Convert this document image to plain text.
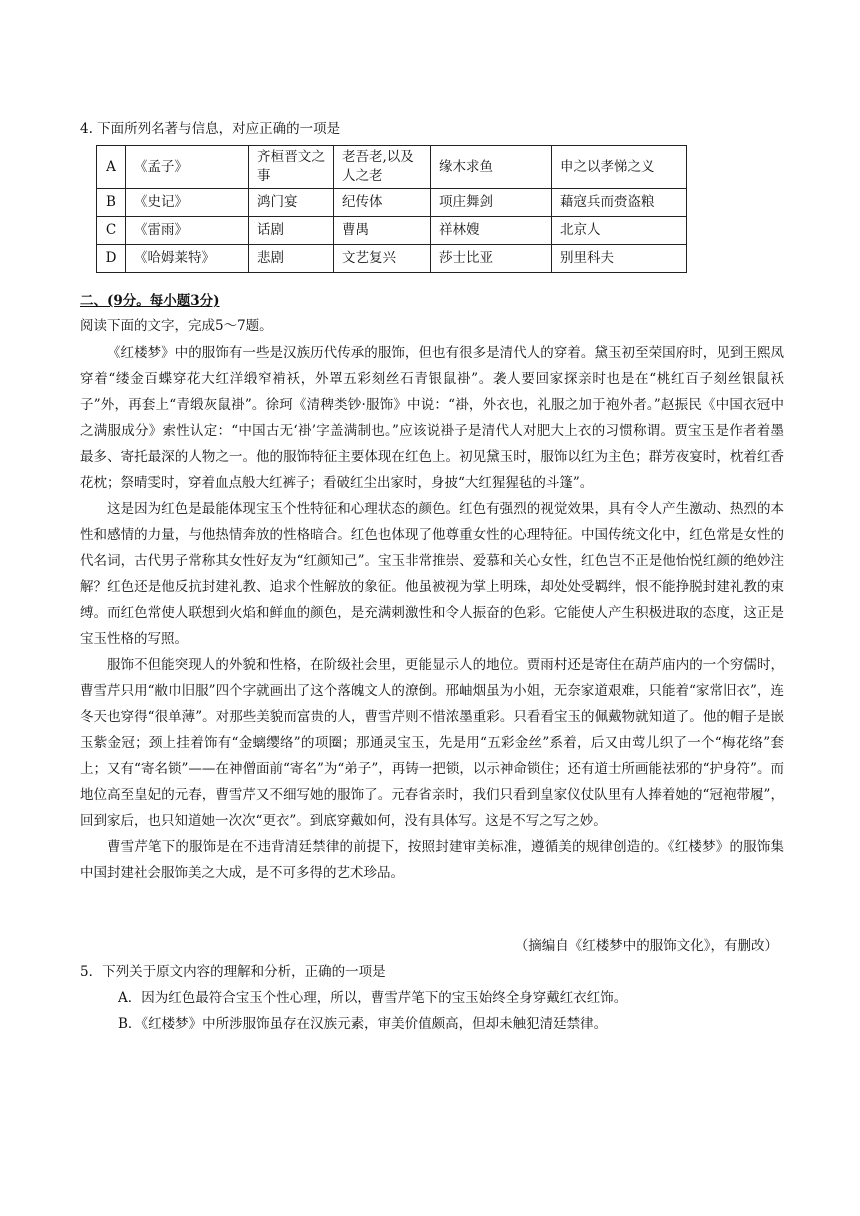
4. 下面所列名著与信息，对应正确的一项是
A	《孟子》	齐桓晋文之事	老吾老,以及人之老	缘木求鱼	申之以孝悌之义
B	《史记》	鸿门宴	纪传体	项庄舞剑	藉寇兵而赍盗粮
C	《雷雨》	话剧	曹禺	祥林嫂	北京人
D	《哈姆莱特》	悲剧	文艺复兴	莎士比亚	别里科夫
二、(9分。每小题3分)
阅读下面的文字，完成5～7题。

《红楼梦》中的服饰有一些是汉族历代传承的服饰，但也有很多是清代人的穿着。黛玉初至荣国府时，见到王熙凤穿着“缕金百蝶穿花大红洋缎窄褃袄，外罩五彩刻丝石青银鼠褂”。袭人要回家探亲时也是在“桃红百子刻丝银鼠袄子”外，再套上“青缎灰鼠褂”。徐珂《清稗类钞·服饰》中说：“褂，外衣也，礼服之加于袍外者。”赵振民《中国衣冠中之满服成分》索性认定：“中国古无‘褂’字盖满制也。”应该说褂子是清代人对肥大上衣的习惯称谓。贾宝玉是作者着墨最多、寄托最深的人物之一。他的服饰特征主要体现在红色上。初见黛玉时，服饰以红为主色；群芳夜宴时，枕着红香花枕；祭晴雯时，穿着血点般大红裤子；看破红尘出家时，身披“大红猩猩毡的斗篷”。

这是因为红色是最能体现宝玉个性特征和心理状态的颜色。红色有强烈的视觉效果，具有令人产生激动、热烈的本性和感情的力量，与他热情奔放的性格暗合。红色也体现了他尊重女性的心理特征。中国传统文化中，红色常是女性的代名词，古代男子常称其女性好友为“红颜知己”。宝玉非常推崇、爱慕和关心女性，红色岂不正是他怡悦红颜的绝妙注解？红色还是他反抗封建礼教、追求个性解放的象征。他虽被视为掌上明珠，却处处受羁绊，恨不能挣脱封建礼教的束缚。而红色常使人联想到火焰和鲜血的颜色，是充满刺激性和令人振奋的色彩。它能使人产生积极进取的态度，这正是宝玉性格的写照。

服饰不但能突现人的外貌和性格，在阶级社会里，更能显示人的地位。贾雨村还是寄住在葫芦庙内的一个穷儒时，曹雪芹只用“敝巾旧服”四个字就画出了这个落魄文人的潦倒。邢岫烟虽为小姐，无奈家道艰难，只能着“家常旧衣”，连冬天也穿得“很单薄”。对那些美貌而富贵的人，曹雪芹则不惜浓墨重彩。只看看宝玉的佩戴物就知道了。他的帽子是嵌玉紫金冠；颈上挂着饰有“金螭缨络”的项圈；那通灵宝玉，先是用“五彩金丝”系着，后又由莺儿织了一个“梅花络”套上；又有“寄名锁”——在神僧面前“寄名”为“弟子”，再铸一把锁，以示神命锁住；还有道士所画能祛邪的“护身符”。而地位高至皇妃的元春，曹雪芹又不细写她的服饰了。元春省亲时，我们只看到皇家仪仗队里有人捧着她的“冠袍带履”，回到家后，也只知道她一次次“更衣”。到底穿戴如何，没有具体写。这是不写之写之妙。

曹雪芹笔下的服饰是在不违背清廷禁律的前提下，按照封建审美标准，遵循美的规律创造的。《红楼梦》的服饰集中国封建社会服饰美之大成，是不可多得的艺术珍品。

（摘编自《红楼梦中的服饰文化》，有删改）
5．下列关于原文内容的理解和分析，正确的一项是
A．因为红色最符合宝玉个性心理，所以，曹雪芹笔下的宝玉始终全身穿戴红衣红饰。
B．《红楼梦》中所涉服饰虽存在汉族元素，审美价值颇高，但却未触犯清廷禁律。
